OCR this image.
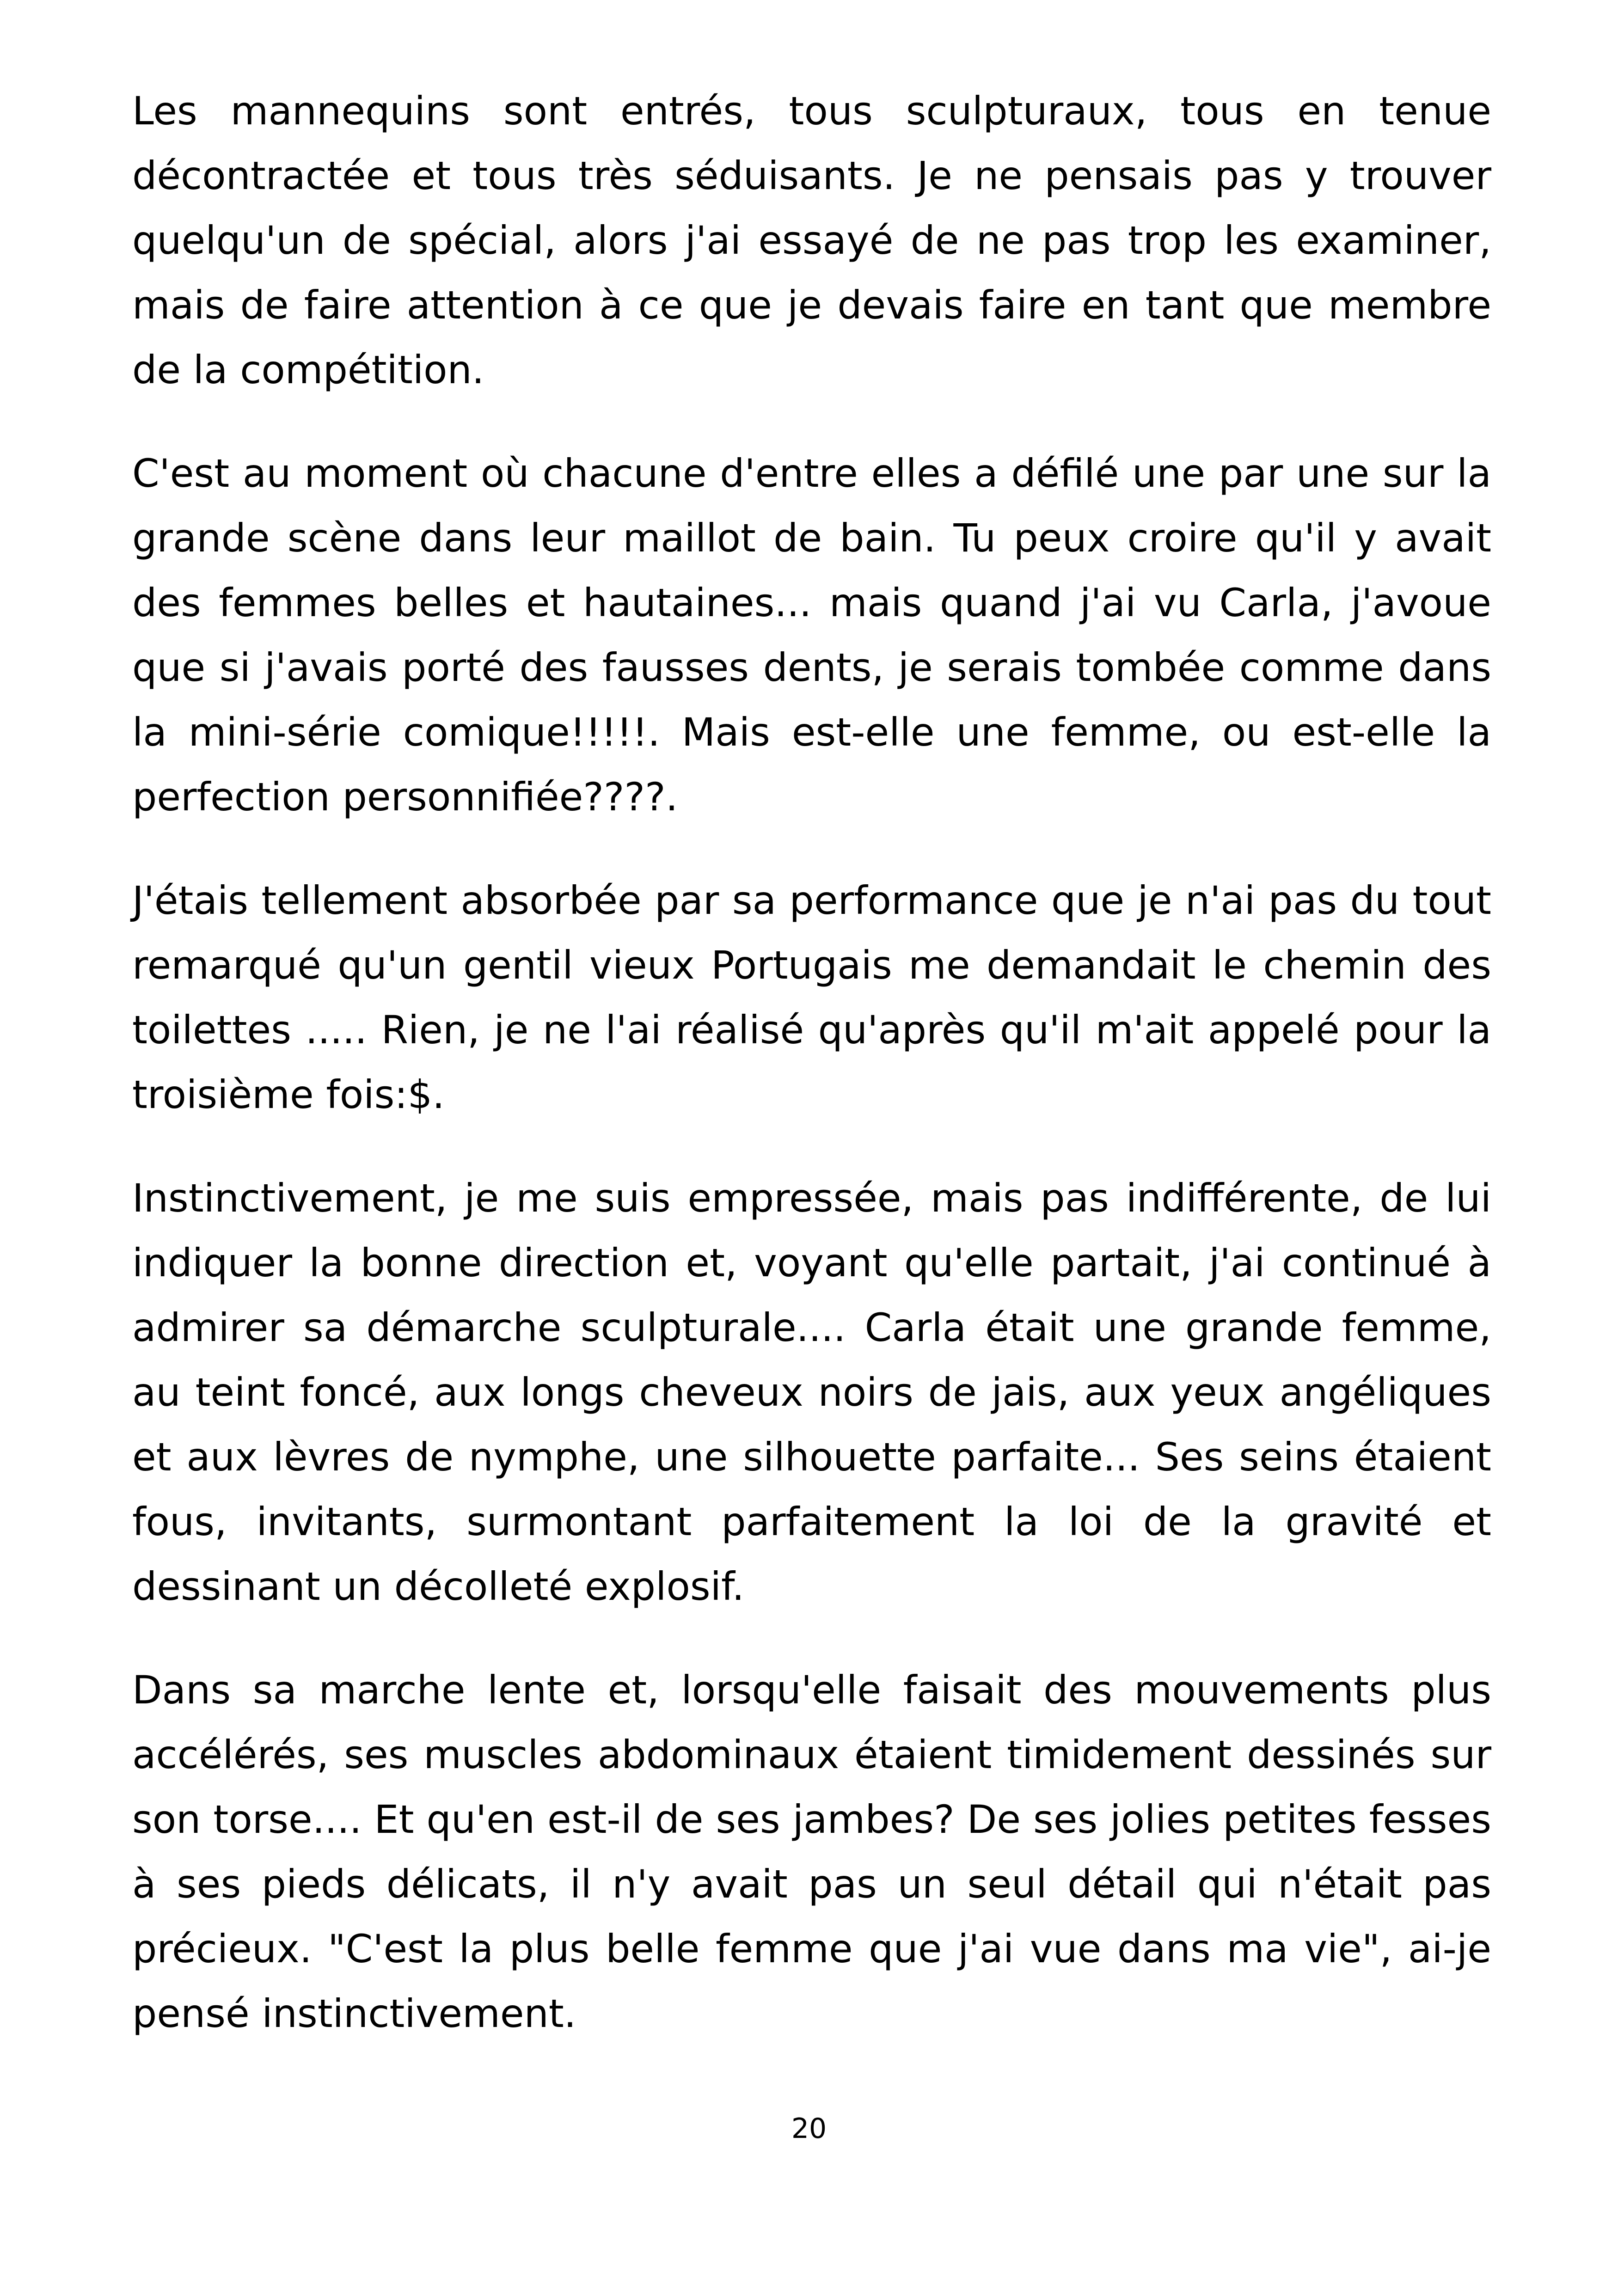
Les mannequins sont entrés, tous sculpturaux, tous en tenue décontractée et tous très séduisants. Je ne pensais pas y trouver quelqu'un de spécial, alors j'ai essayé de ne pas trop les examiner, mais de faire attention à ce que je devais faire en tant que membre de la compétition.

C'est au moment où chacune d'entre elles a défilé une par une sur la grande scène dans leur maillot de bain. Tu peux croire qu'il y avait des femmes belles et hautaines... mais quand j'ai vu Carla, j'avoue que si j'avais porté des fausses dents, je serais tombée comme dans la mini-série comique!!!!!. Mais est-elle une femme, ou est-elle la perfection personnifiée????.

J'étais tellement absorbée par sa performance que je n'ai pas du tout remarqué qu'un gentil vieux Portugais me demandait le chemin des toilettes ..... Rien, je ne l'ai réalisé qu'après qu'il m'ait appelé pour la troisième fois:$.

Instinctivement, je me suis empressée, mais pas indifférente, de lui indiquer la bonne direction et, voyant qu'elle partait, j'ai continué à admirer sa démarche sculpturale.... Carla était une grande femme, au teint foncé, aux longs cheveux noirs de jais, aux yeux angéliques et aux lèvres de nymphe, une silhouette parfaite... Ses seins étaient fous, invitants, surmontant parfaitement la loi de la gravité et dessinant un décolleté explosif.

Dans sa marche lente et, lorsqu'elle faisait des mouvements plus accélérés, ses muscles abdominaux étaient timidement dessinés sur son torse.... Et qu'en est-il de ses jambes? De ses jolies petites fesses à ses pieds délicats, il n'y avait pas un seul détail qui n'était pas précieux. "C'est la plus belle femme que j'ai vue dans ma vie", ai-je pensé instinctivement.

20
